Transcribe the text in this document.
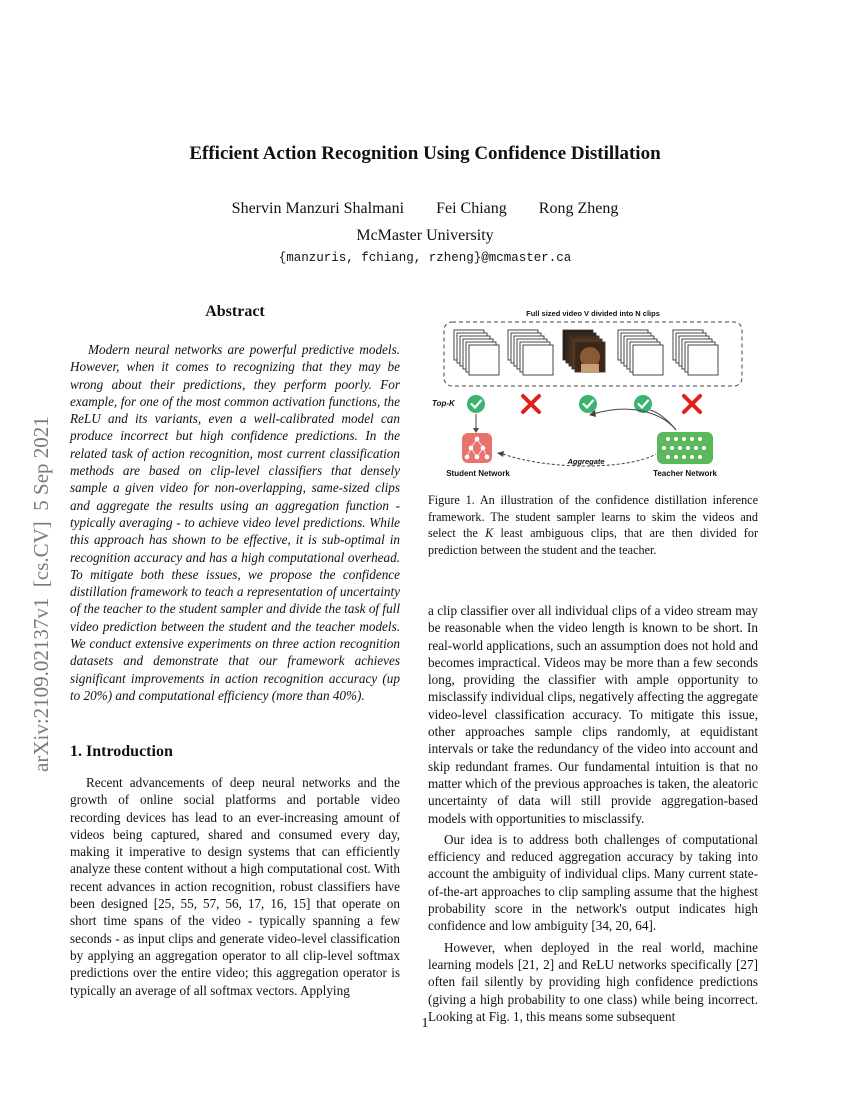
arXiv:2109.02137v1  [cs.CV]  5 Sep 2021
Efficient Action Recognition Using Confidence Distillation
Shervin Manzuri Shalmani Fei Chiang Rong Zheng
McMaster University
{manzuris, fchiang, rzheng}@mcmaster.ca
Abstract

Modern neural networks are powerful predictive models. However, when it comes to recognizing that they may be wrong about their predictions, they perform poorly. For example, for one of the most common activation functions, the ReLU and its variants, even a well-calibrated model can produce incorrect but high confidence predictions. In the related task of action recognition, most current classification methods are based on clip-level classifiers that densely sample a given video for non-overlapping, same-sized clips and aggregate the results using an aggregation function - typically averaging - to achieve video level predictions. While this approach has shown to be effective, it is sub-optimal in recognition accuracy and has a high computational overhead. To mitigate both these issues, we propose the confidence distillation framework to teach a representation of uncertainty of the teacher to the student sampler and divide the task of full video prediction between the student and the teacher models. We conduct extensive experiments on three action recognition datasets and demonstrate that our framework achieves significant improvements in action recognition accuracy (up to 20%) and computational efficiency (more than 40%).

1. Introduction

Recent advancements of deep neural networks and the growth of online social platforms and portable video recording devices has lead to an ever-increasing amount of videos being captured, shared and consumed every day, making it imperative to design systems that can efficiently analyze these content without a high computational cost. With recent advances in action recognition, robust classifiers have been designed [25, 55, 57, 56, 17, 16, 15] that operate on short time spans of the video - typically spanning a few seconds - as input clips and generate video-level classification by applying an aggregation operator to all clip-level softmax predictions over the entire video; this aggregation operator is typically an average of all softmax vectors. Applying

Full sized video V divided into N clips
Top-K
Student Network	Teacher Network
Aggregate
Figure 1. An illustration of the confidence distillation inference framework. The student sampler learns to skim the videos and select the K least ambiguous clips, that are then divided for prediction between the student and the teacher.

a clip classifier over all individual clips of a video stream may be reasonable when the video length is known to be short. In real-world applications, such an assumption does not hold and becomes impractical. Videos may be more than a few seconds long, providing the classifier with ample opportunity to misclassify individual clips, negatively affecting the aggregate video-level classification accuracy. To mitigate this issue, other approaches sample clips randomly, at equidistant intervals or take the redundancy of the video into account and skip redundant frames. Our fundamental intuition is that no matter which of the previous approaches is taken, the aleatoric uncertainty of data will still provide aggregation-based models with opportunities to misclassify.

Our idea is to address both challenges of computational efficiency and reduced aggregation accuracy by taking into account the ambiguity of individual clips. Many current state-of-the-art approaches to clip sampling assume that the highest probability score in the network's output indicates high confidence and low ambiguity [34, 20, 64].

However, when deployed in the real world, machine learning models [21, 2] and ReLU networks specifically [27] often fail silently by providing high confidence predictions (giving a high probability to one class) while being incorrect. Looking at Fig. 1, this means some subsequent

1
